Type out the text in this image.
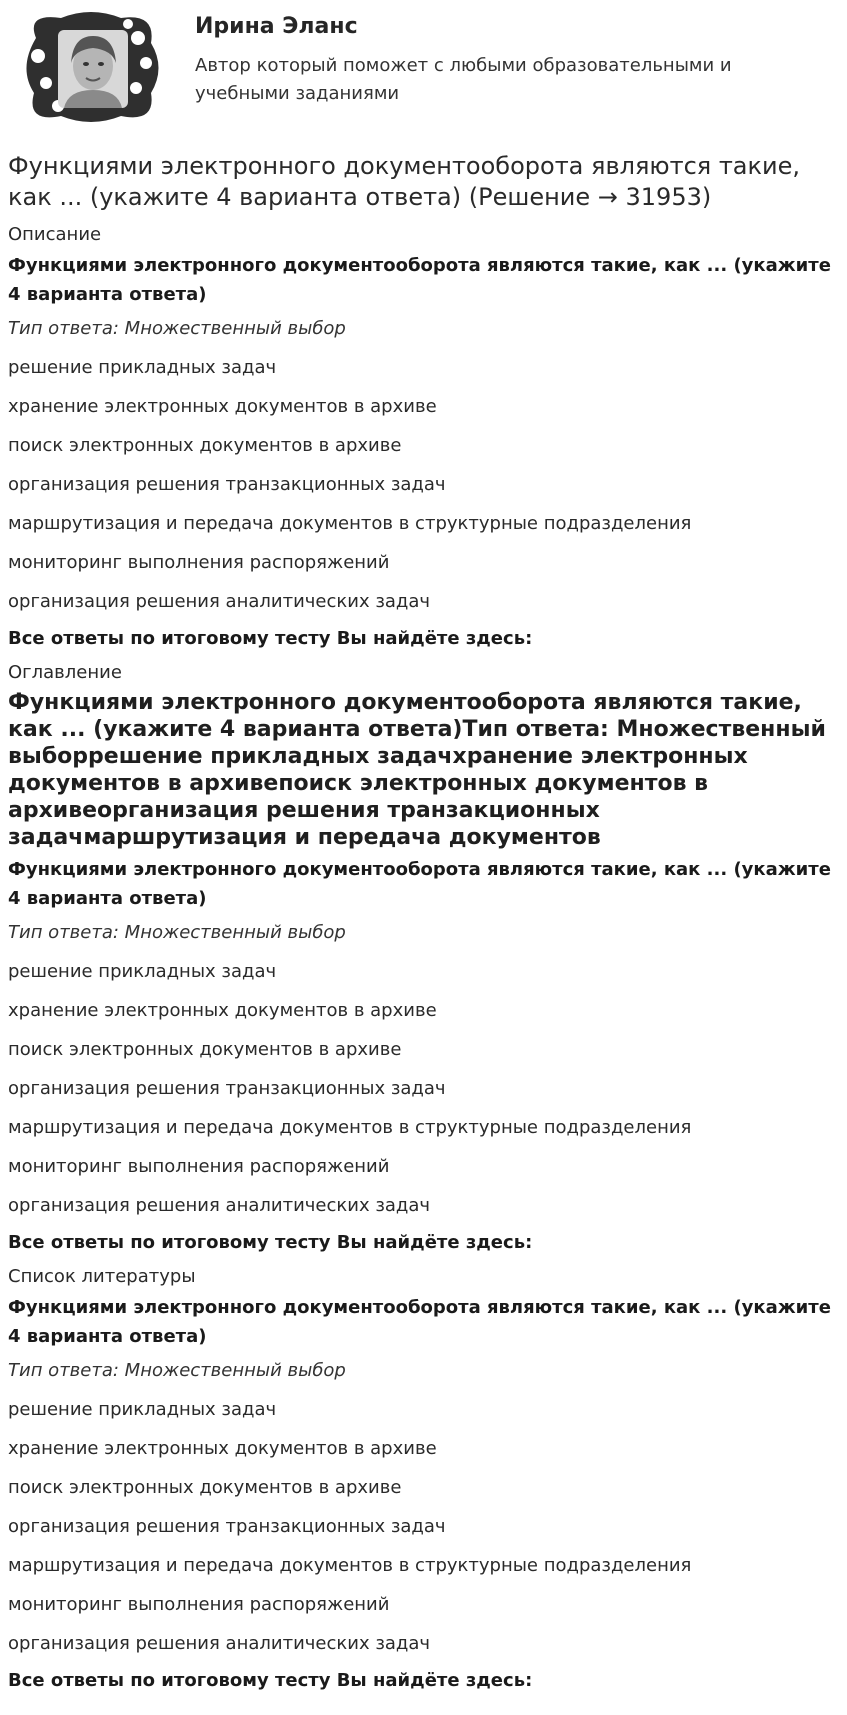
Ирина Эланс
Автор который поможет с любыми образовательными и учебными заданиями
Функциями электронного документооборота являются такие, как ... (укажите 4 варианта ответа) (Решение → 31953)
Описание
Функциями электронного документооборота являются такие, как ... (укажите 4 варианта ответа)
Тип ответа: Множественный выбор
решение прикладных задач
хранение электронных документов в архиве
поиск электронных документов в архиве
организация решения транзакционных задач
маршрутизация и передача документов в структурные подразделения
мониторинг выполнения распоряжений
организация решения аналитических задач
Все ответы по итоговому тесту Вы найдёте здесь:
Оглавление
Функциями электронного документооборота являются такие, как ... (укажите 4 варианта ответа)Тип ответа: Множественный выборрешение прикладных задачхранение электронных документов в архивепоиск электронных документов в архивеорганизация решения транзакционных задачмаршрутизация и передача документов
Функциями электронного документооборота являются такие, как ... (укажите 4 варианта ответа)
Тип ответа: Множественный выбор
решение прикладных задач
хранение электронных документов в архиве
поиск электронных документов в архиве
организация решения транзакционных задач
маршрутизация и передача документов в структурные подразделения
мониторинг выполнения распоряжений
организация решения аналитических задач
Все ответы по итоговому тесту Вы найдёте здесь:
Список литературы
Функциями электронного документооборота являются такие, как ... (укажите 4 варианта ответа)
Тип ответа: Множественный выбор
решение прикладных задач
хранение электронных документов в архиве
поиск электронных документов в архиве
организация решения транзакционных задач
маршрутизация и передача документов в структурные подразделения
мониторинг выполнения распоряжений
организация решения аналитических задач
Все ответы по итоговому тесту Вы найдёте здесь:
